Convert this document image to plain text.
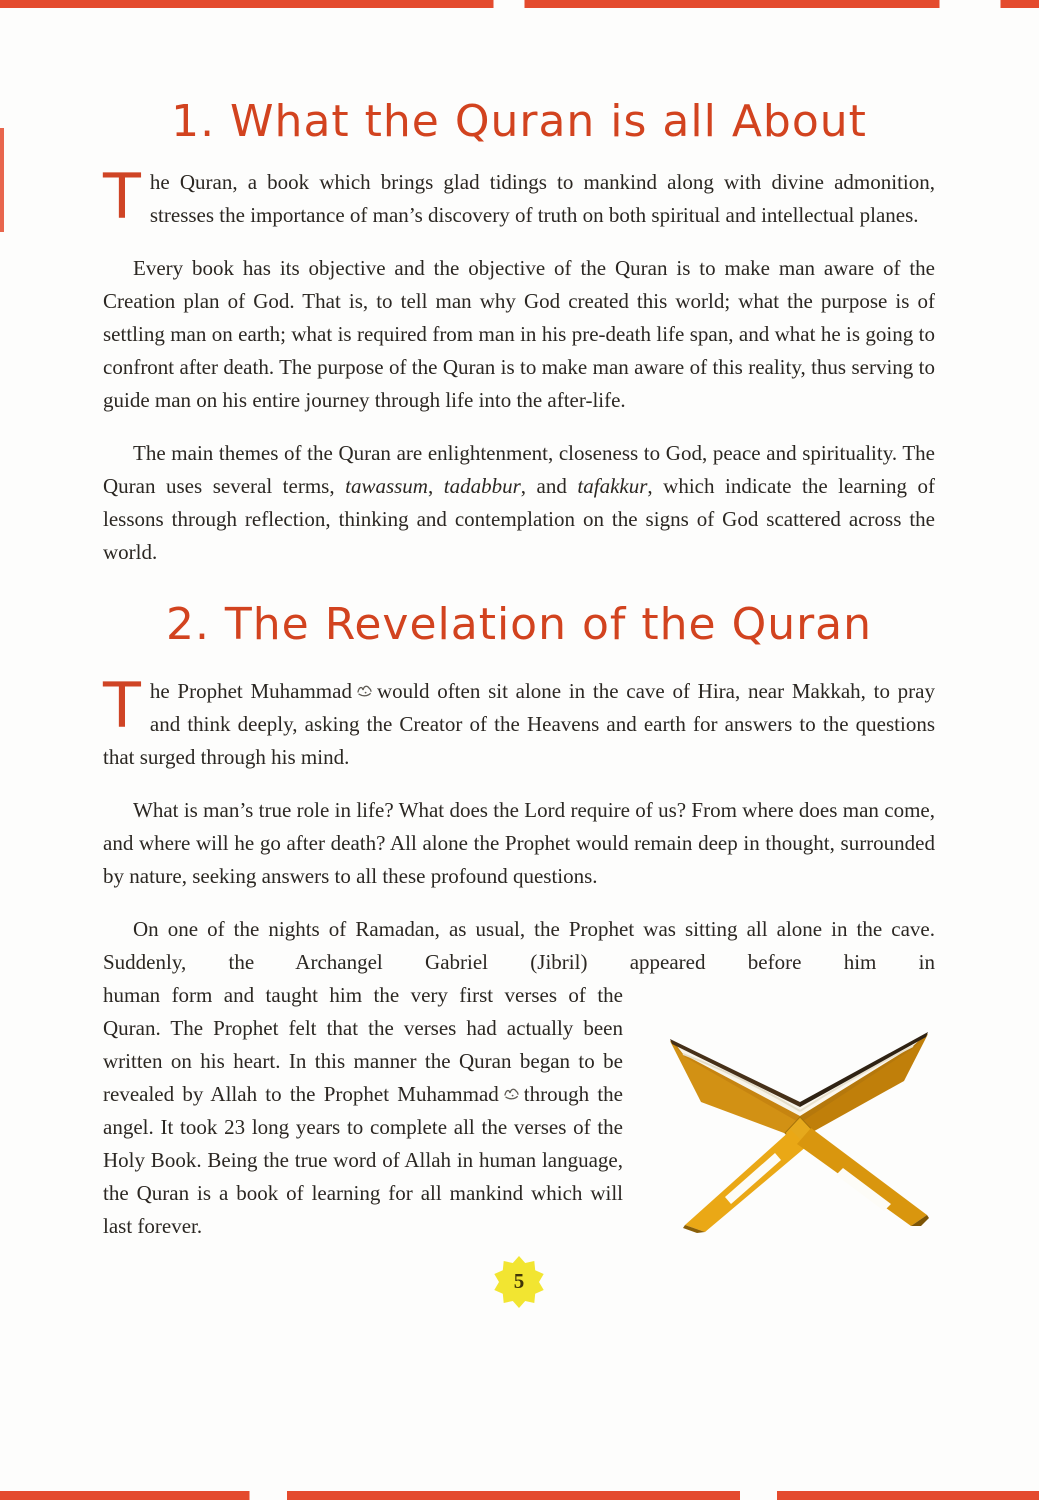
1. What the Quran is all About

The Quran, a book which brings glad tidings to mankind along with divine admonition, stresses the importance of man’s discovery of truth on both spiritual and intellectual planes.

Every book has its objective and the objective of the Quran is to make man aware of the Creation plan of God. That is, to tell man why God created this world; what the purpose is of settling man on earth; what is required from man in his pre-death life span, and what he is going to confront after death. The purpose of the Quran is to make man aware of this reality, thus serving to guide man on his entire journey through life into the after-life.

The main themes of the Quran are enlightenment, closeness to God, peace and spirituality. The Quran uses several terms, tawassum, tadabbur, and tafakkur, which indicate the learning of lessons through reflection, thinking and contemplation on the signs of God scattered across the world.

2. The Revelation of the Quran

The Prophet Muhammad would often sit alone in the cave of Hira, near Makkah, to pray and think deeply, asking the Creator of the Heavens and earth for answers to the questions that surged through his mind.

What is man’s true role in life? What does the Lord require of us? From where does man come, and where will he go after death? All alone the Prophet would remain deep in thought, surrounded by nature, seeking answers to all these profound questions.

On one of the nights of Ramadan, as usual, the Prophet was sitting all alone in the cave. Suddenly, the Archangel Gabriel (Jibril) appeared before him in

human form and taught him the very first verses of the Quran. The Prophet felt that the verses had actually been written on his heart. In this manner the Quran began to be revealed by Allah to the Prophet Muhammad through the angel. It took 23 long years to complete all the verses of the Holy Book. Being the true word of Allah in human language, the Quran is a book of learning for all mankind which will last forever.

5
